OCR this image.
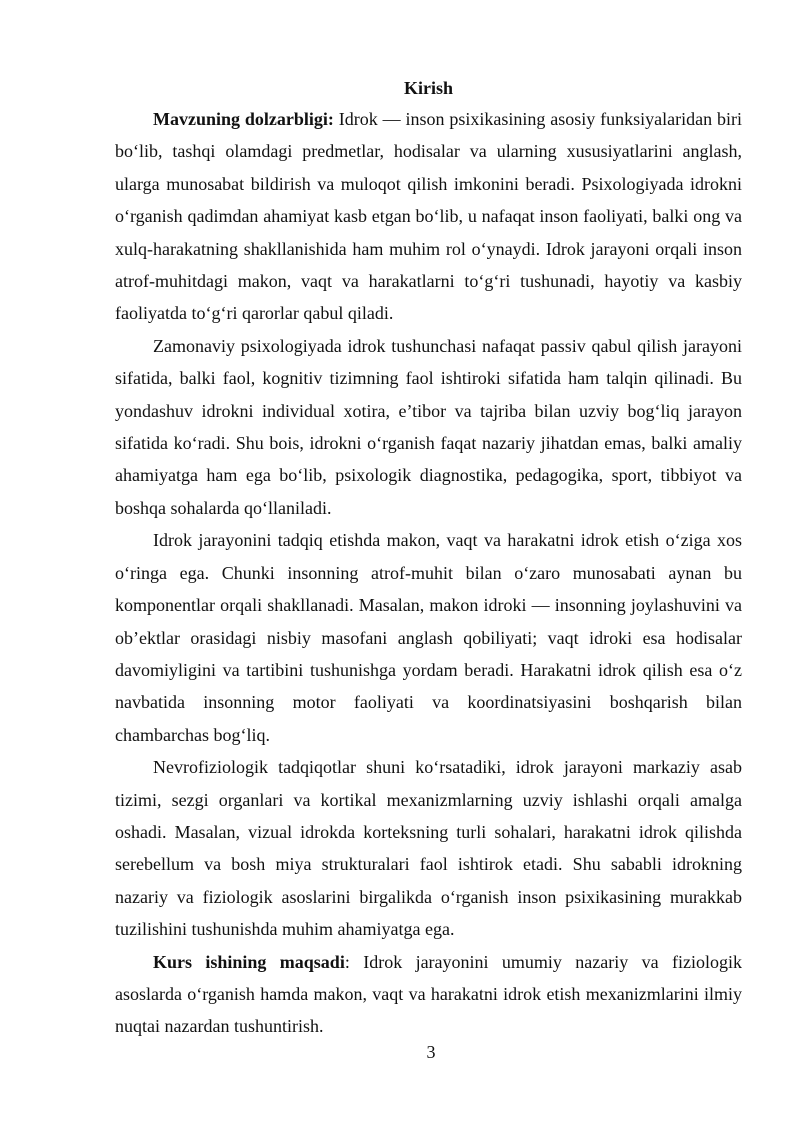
Kirish

Mavzuning dolzarbligi: Idrok — inson psixikasining asosiy funksiyalaridan biri bo‘lib, tashqi olamdagi predmetlar, hodisalar va ularning xususiyatlarini anglash, ularga munosabat bildirish va muloqot qilish imkonini beradi. Psixologiyada idrokni o‘rganish qadimdan ahamiyat kasb etgan bo‘lib, u nafaqat inson faoliyati, balki ong va xulq-harakatning shakllanishida ham muhim rol o‘ynaydi. Idrok jarayoni orqali inson atrof-muhitdagi makon, vaqt va harakatlarni to‘g‘ri tushunadi, hayotiy va kasbiy faoliyatda to‘g‘ri qarorlar qabul qiladi.

Zamonaviy psixologiyada idrok tushunchasi nafaqat passiv qabul qilish jarayoni sifatida, balki faol, kognitiv tizimning faol ishtiroki sifatida ham talqin qilinadi. Bu yondashuv idrokni individual xotira, e’tibor va tajriba bilan uzviy bog‘liq jarayon sifatida ko‘radi. Shu bois, idrokni o‘rganish faqat nazariy jihatdan emas, balki amaliy ahamiyatga ham ega bo‘lib, psixologik diagnostika, pedagogika, sport, tibbiyot va boshqa sohalarda qo‘llaniladi.

Idrok jarayonini tadqiq etishda makon, vaqt va harakatni idrok etish o‘ziga xos o‘ringa ega. Chunki insonning atrof-muhit bilan o‘zaro munosabati aynan bu komponentlar orqali shakllanadi. Masalan, makon idroki — insonning joylashuvini va ob’ektlar orasidagi nisbiy masofani anglash qobiliyati; vaqt idroki esa hodisalar davomiyligini va tartibini tushunishga yordam beradi. Harakatni idrok qilish esa o‘z navbatida insonning motor faoliyati va koordinatsiyasini boshqarish bilan chambarchas bog‘liq.

Nevrofiziologik tadqiqotlar shuni ko‘rsatadiki, idrok jarayoni markaziy asab tizimi, sezgi organlari va kortikal mexanizmlarning uzviy ishlashi orqali amalga oshadi. Masalan, vizual idrokda korteksning turli sohalari, harakatni idrok qilishda serebellum va bosh miya strukturalari faol ishtirok etadi. Shu sababli idrokning nazariy va fiziologik asoslarini birgalikda o‘rganish inson psixikasining murakkab tuzilishini tushunishda muhim ahamiyatga ega.

Kurs ishining maqsadi: Idrok jarayonini umumiy nazariy va fiziologik asoslarda o‘rganish hamda makon, vaqt va harakatni idrok etish mexanizmlarini ilmiy nuqtai nazardan tushuntirish.

3
